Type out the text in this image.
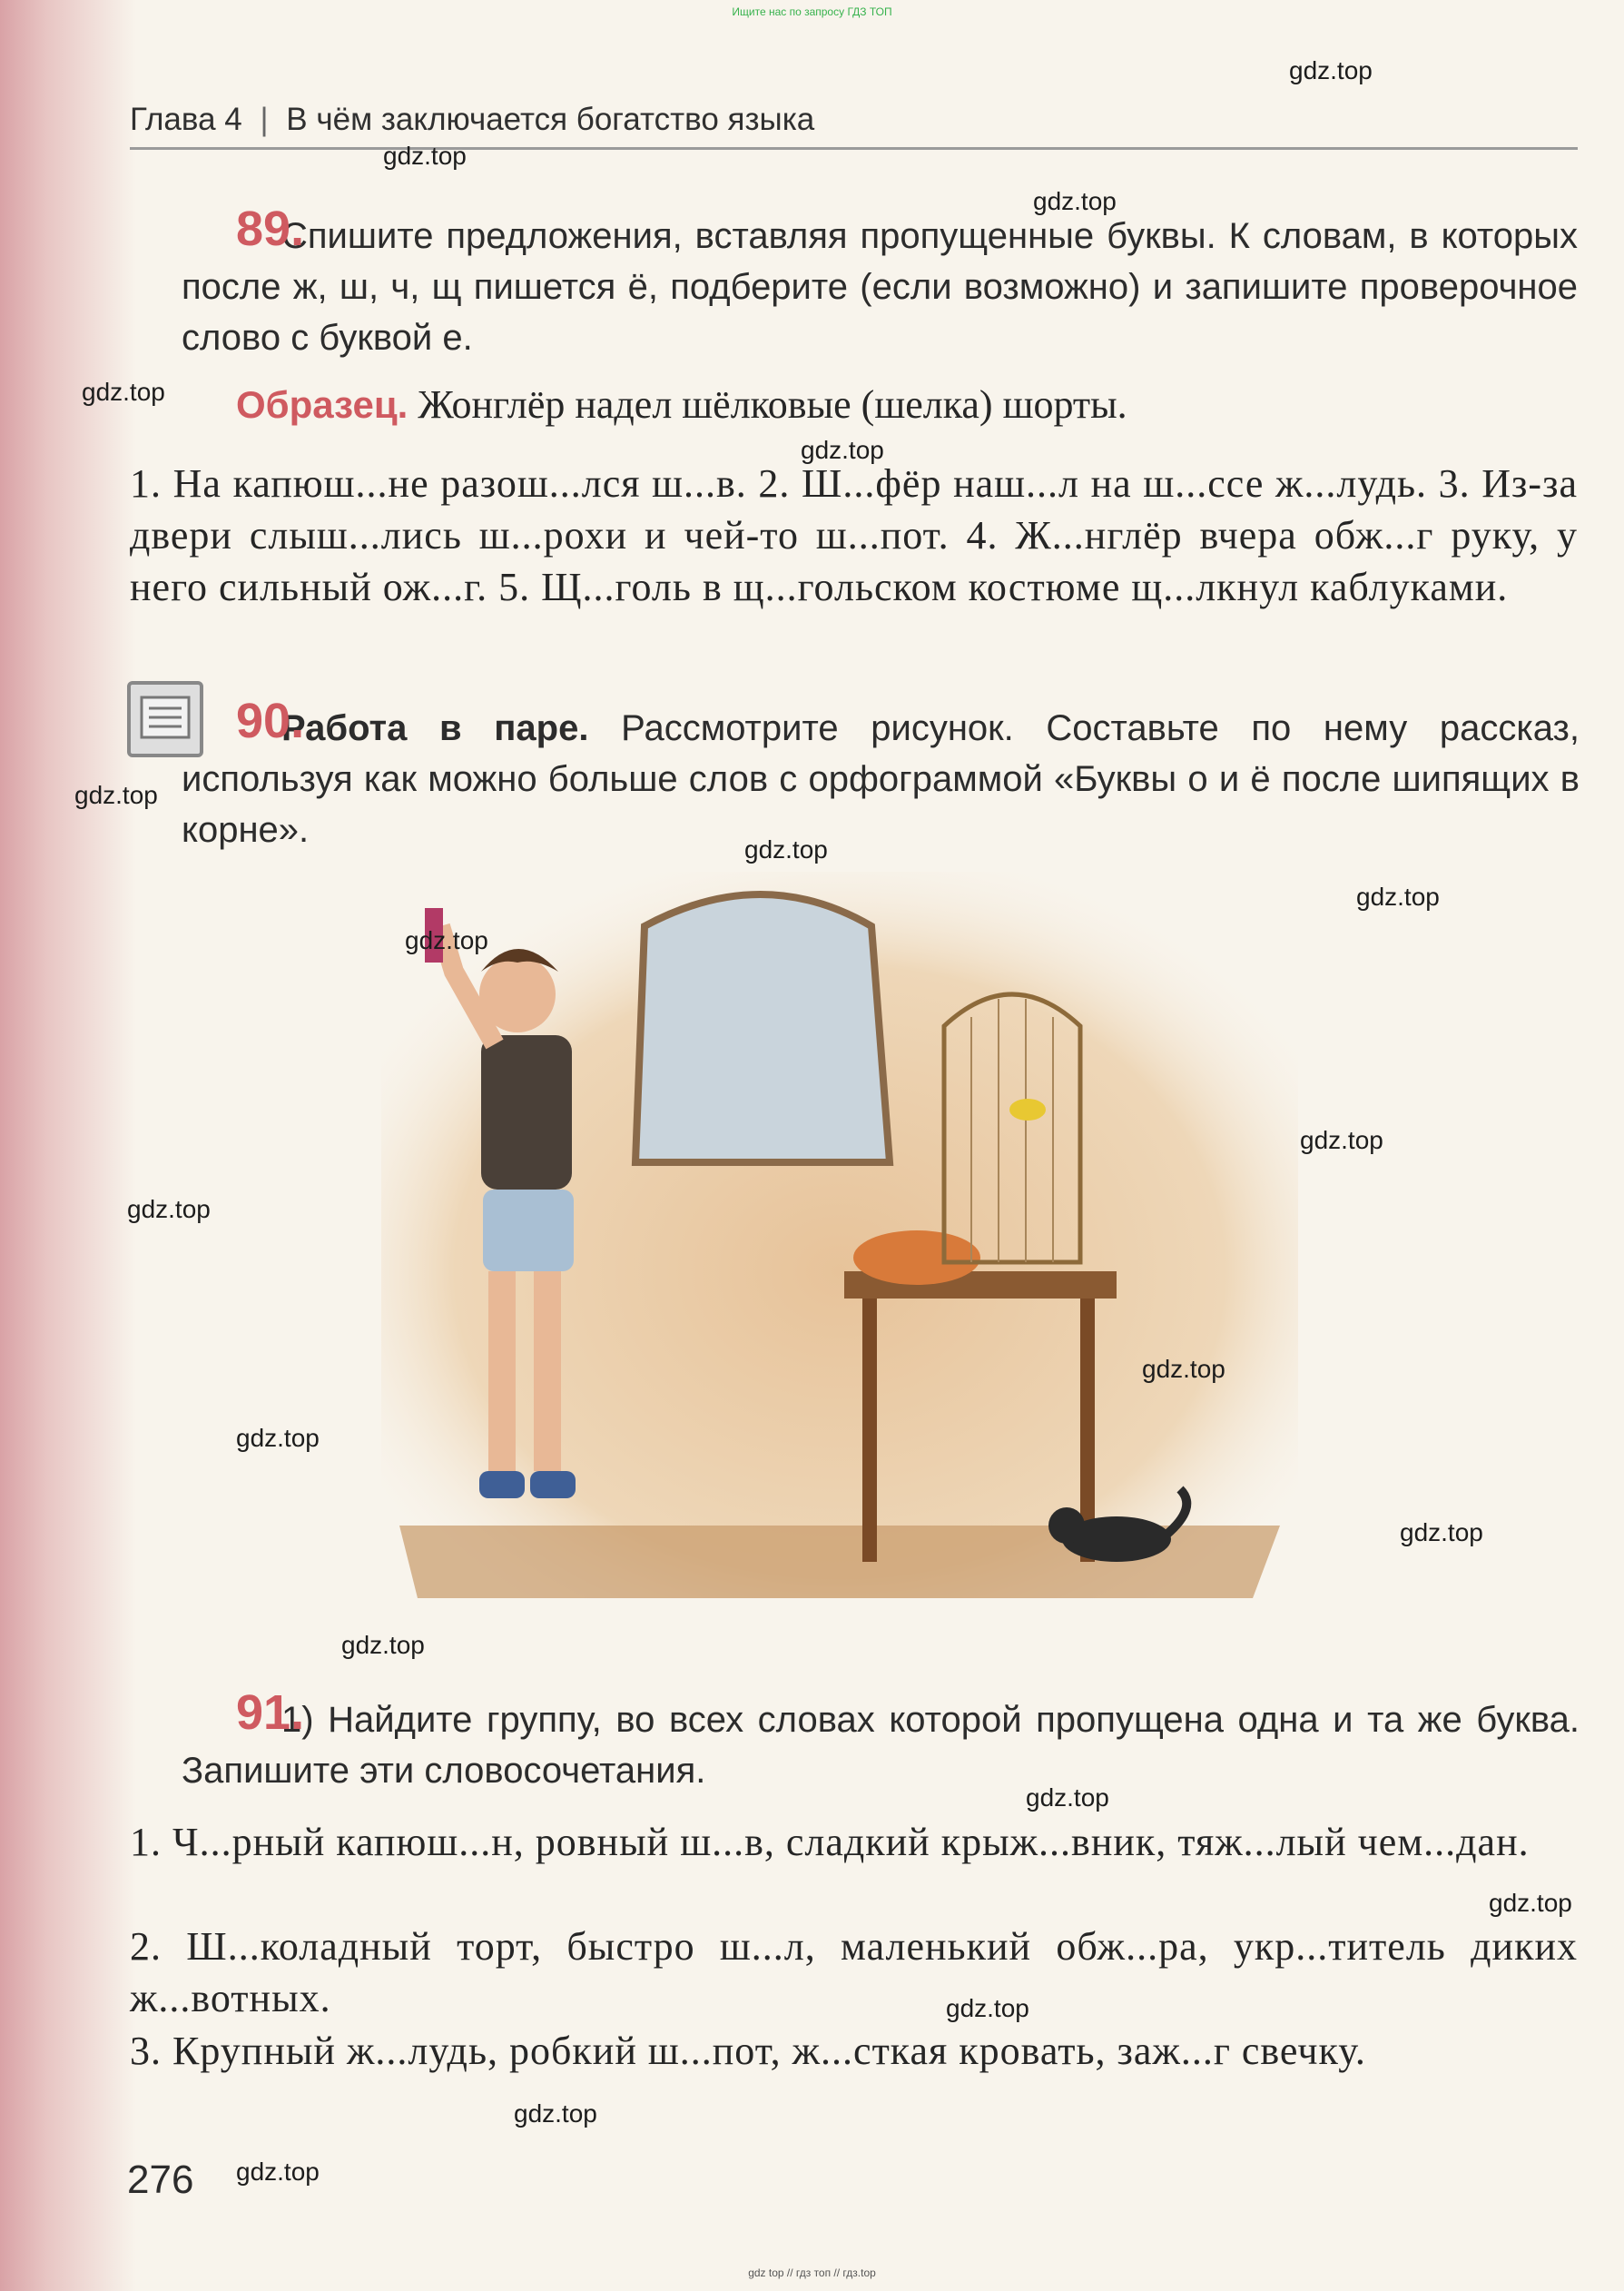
Ищите нас по запросу ГДЗ ТОП
Глава 4 | В чём заключается богатство языка
89.
Спишите предложения, вставляя пропущенные буквы. К словам, в которых после ж, ш, ч, щ пишется ё, подберите (если возможно) и запишите проверочное слово с буквой е.
Образец. Жонглёр надел шёлковые (шелка) шорты.
1. На капюш...не разош...лся ш...в. 2. Ш...фёр наш...л на ш...ссе ж...лудь. 3. Из-за двери слыш...лись ш...рохи и чей-то ш...пот. 4. Ж...нглёр вчера обж...г руку, у него сильный ож...г. 5. Щ...голь в щ...гольском костюме щ...лкнул каблуками.
90.
Работа в паре. Рассмотрите рисунок. Составьте по нему рассказ, используя как можно больше слов с орфограммой «Буквы о и ё после шипящих в корне».
91.
1) Найдите группу, во всех словах которой пропущена одна и та же буква. Запишите эти словосочетания.
1. Ч...рный капюш...н, ровный ш...в, сладкий крыж...вник, тяж...лый чем...дан.
2. Ш...коладный торт, быстро ш...л, маленький обж...ра, укр...титель диких ж...вотных.
3. Крупный ж...лудь, робкий ш...пот, ж...сткая кровать, заж...г свечку.
276
gdz.top
gdz.top
gdz.top
gdz.top
gdz.top
gdz.top
gdz.top
gdz.top
gdz.top
gdz.top
gdz.top
gdz.top
gdz.top
gdz.top
gdz.top
gdz.top
gdz.top
gdz.top
gdz.top
gdz.top
gdz top // гдз топ // гдз.top
